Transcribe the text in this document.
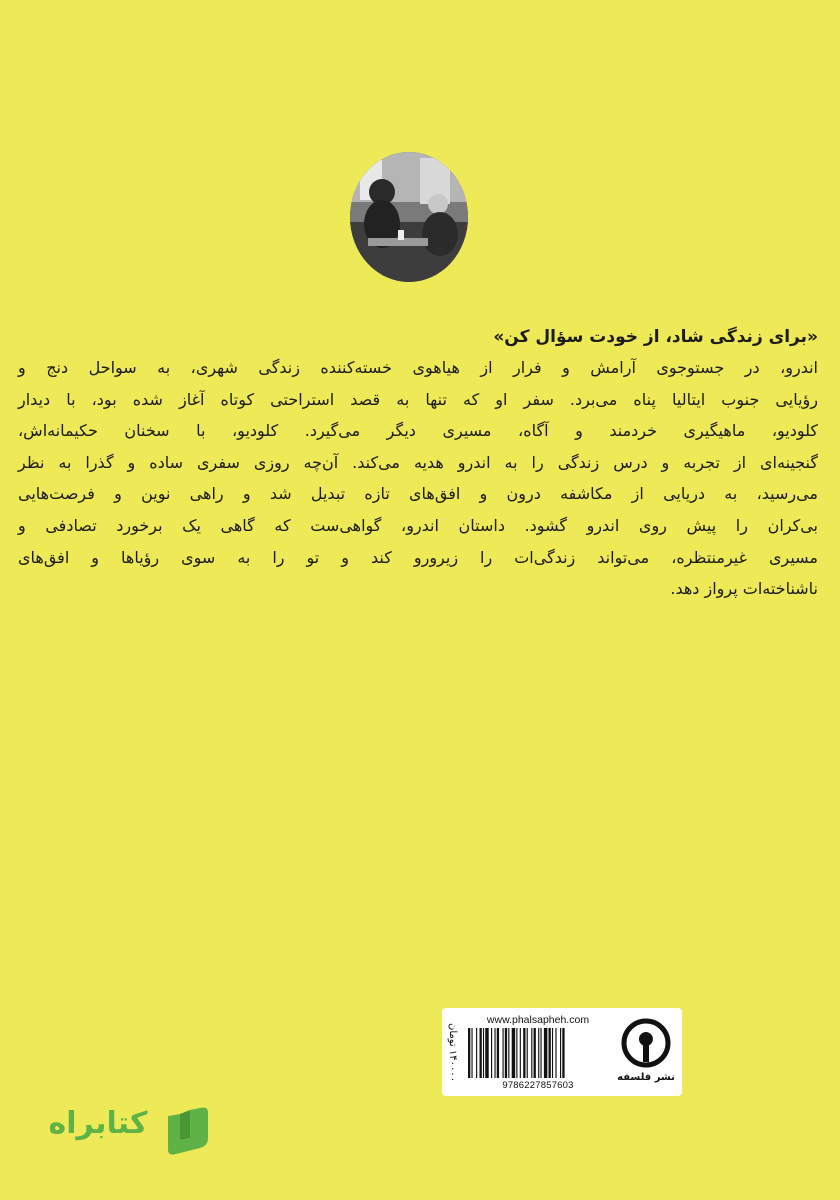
«برای زندگی شاد، از خودت سؤال کن»
اندرو، در جستوجوی آرامش و فرار از هیاهوی خسته‌کننده زندگی شهری، به سواحل دنج و
رؤیایی جنوب ایتالیا پناه می‌برد. سفر او که تنها به قصد استراحتی کوتاه آغاز شده بود، با دیدار
کلودیو، ماهیگیری خردمند و آگاه، مسیری دیگر می‌گیرد. کلودیو، با سخنان حکیمانه‌اش،
گنجینه‌ای از تجربه و درس زندگی را به اندرو هدیه می‌کند. آن‌چه روزی سفری ساده و گذرا به نظر
می‌رسید، به دریایی از مکاشفه درون و افق‌های تازه تبدیل شد و راهی نوین و فرصت‌هایی
بی‌کران را پیش روی اندرو گشود. داستان اندرو، گواهی‌ست که گاهی یک برخورد تصادفی و
مسیری غیرمنتظره، می‌تواند زندگی‌ات را زیرورو کند و تو را به سوی رؤیاها و افق‌های
ناشناخته‌ات پرواز دهد.
۱۴۰۰۰۰ تومان
www.phalsapheh.com
9786227857603
نشر فلسفه
کتابراه
